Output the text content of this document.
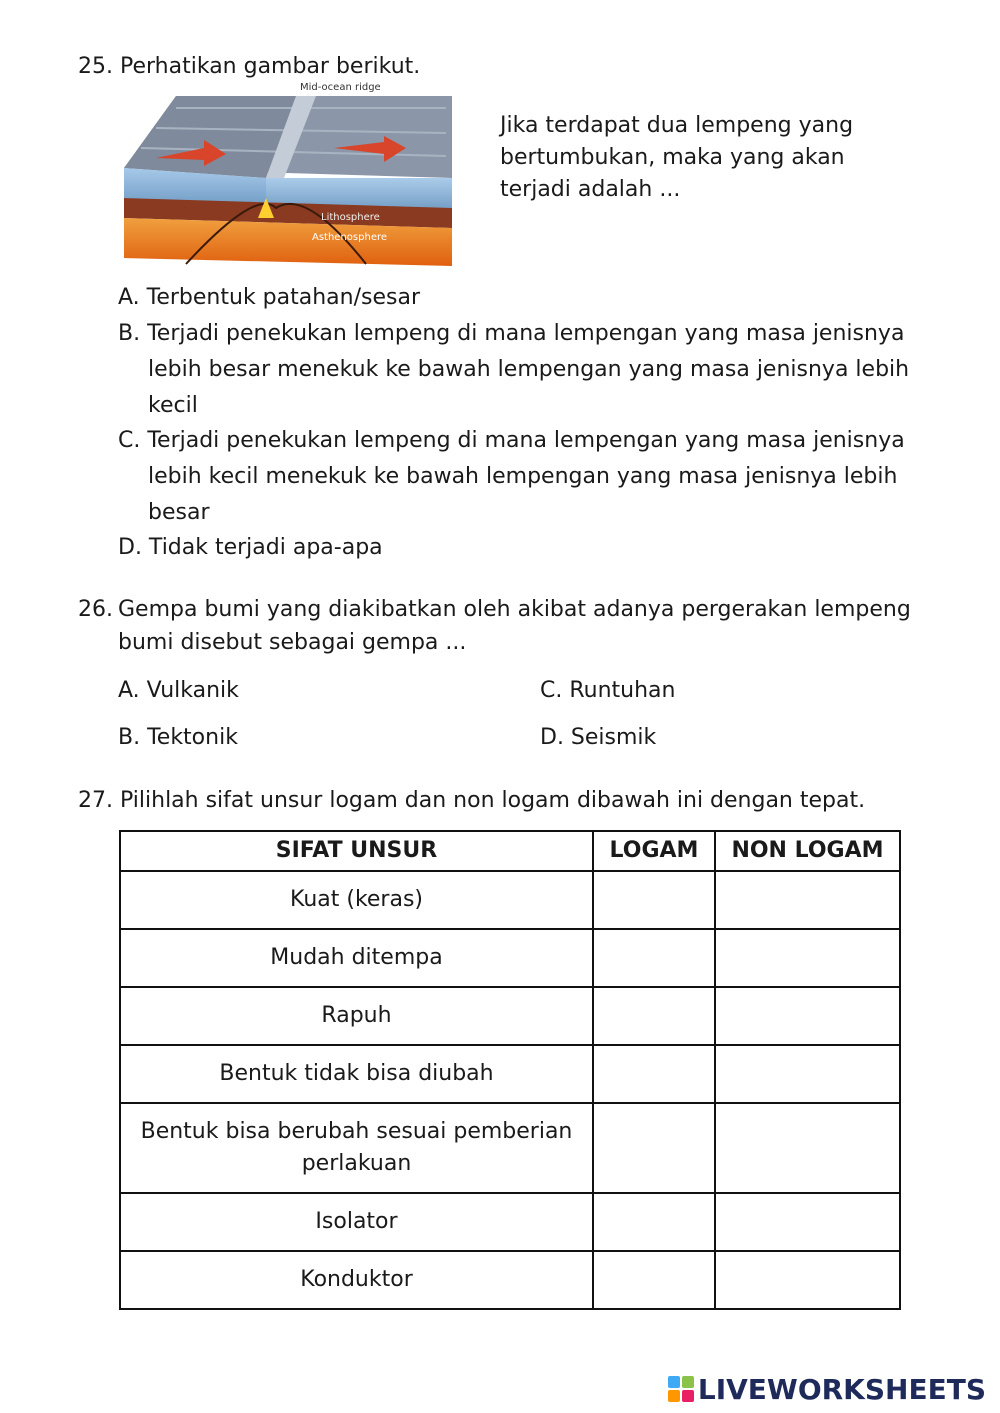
25. Perhatikan gambar berikut.
Mid-ocean ridge
Lithosphere
Asthenosphere
Jika terdapat dua lempeng yang
bertumbukan, maka yang akan
terjadi adalah ...
A. Terbentuk patahan/sesar
B. Terjadi penekukan lempeng di mana lempengan yang masa jenisnya
lebih besar menekuk ke bawah lempengan yang masa jenisnya lebih
kecil
C. Terjadi penekukan lempeng di mana lempengan yang masa jenisnya
lebih kecil menekuk ke bawah lempengan yang masa jenisnya lebih
besar
D. Tidak terjadi apa-apa
26. Gempa bumi yang diakibatkan oleh akibat adanya pergerakan lempeng
bumi disebut sebagai gempa ...
A. Vulkanik
B. Tektonik
C. Runtuhan
D. Seismik
27. Pilihlah sifat unsur logam dan non logam dibawah ini dengan tepat.
SIFAT UNSUR	LOGAM	NON LOGAM
Kuat (keras)		
Mudah ditempa		
Rapuh		
Bentuk tidak bisa diubah		
Bentuk bisa berubah sesuai pemberian perlakuan		
Isolator		
Konduktor		
LIVEWORKSHEETS
